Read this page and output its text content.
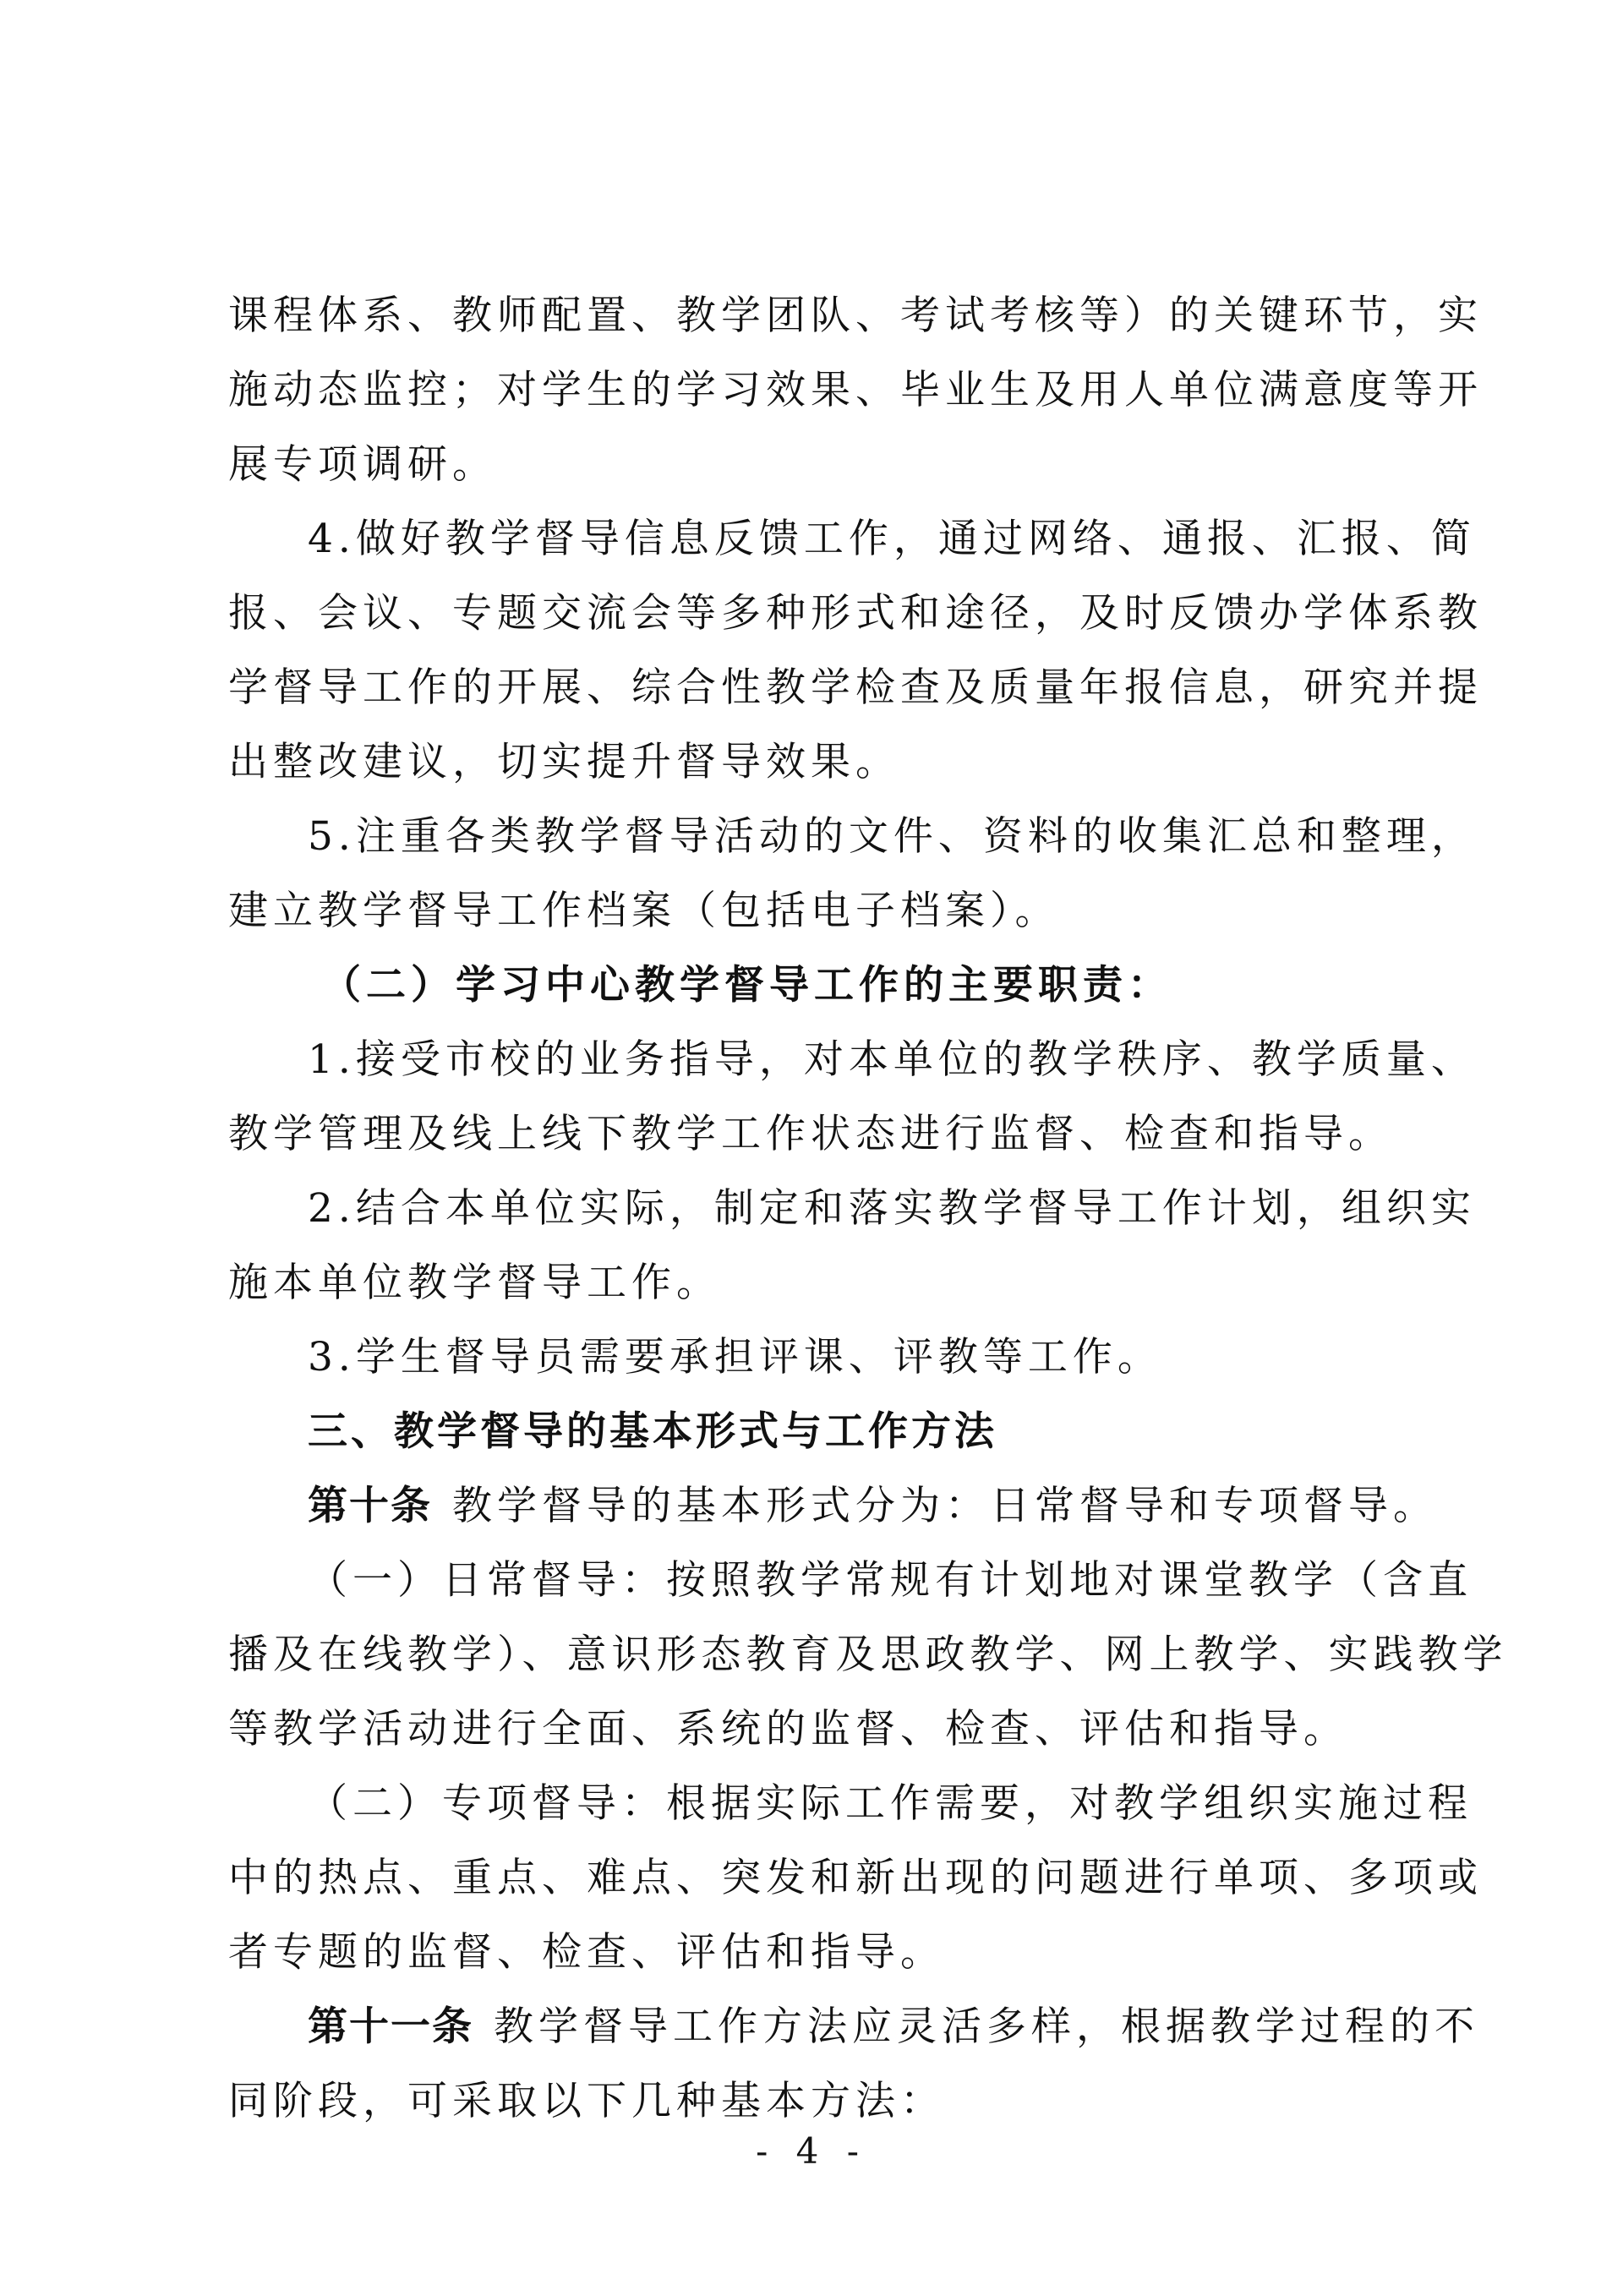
课程体系、教师配置、教学团队、考试考核等）的关键环节，实
施动态监控；对学生的学习效果、毕业生及用人单位满意度等开
展专项调研。
4.做好教学督导信息反馈工作，通过网络、通报、汇报、简
报、会议、专题交流会等多种形式和途径，及时反馈办学体系教
学督导工作的开展、综合性教学检查及质量年报信息，研究并提
出整改建议，切实提升督导效果。
5.注重各类教学督导活动的文件、资料的收集汇总和整理，
建立教学督导工作档案（包括电子档案）。
（二）学习中心教学督导工作的主要职责：
1.接受市校的业务指导，对本单位的教学秩序、教学质量、
教学管理及线上线下教学工作状态进行监督、检查和指导。
2.结合本单位实际，制定和落实教学督导工作计划，组织实
施本单位教学督导工作。
3.学生督导员需要承担评课、评教等工作。
三、教学督导的基本形式与工作方法
第十条 教学督导的基本形式分为：日常督导和专项督导。
（一）日常督导：按照教学常规有计划地对课堂教学（含直
播及在线教学）、意识形态教育及思政教学、网上教学、实践教学
等教学活动进行全面、系统的监督、检查、评估和指导。
（二）专项督导：根据实际工作需要，对教学组织实施过程
中的热点、重点、难点、突发和新出现的问题进行单项、多项或
者专题的监督、检查、评估和指导。
第十一条 教学督导工作方法应灵活多样，根据教学过程的不
同阶段，可采取以下几种基本方法：
- 4 -
